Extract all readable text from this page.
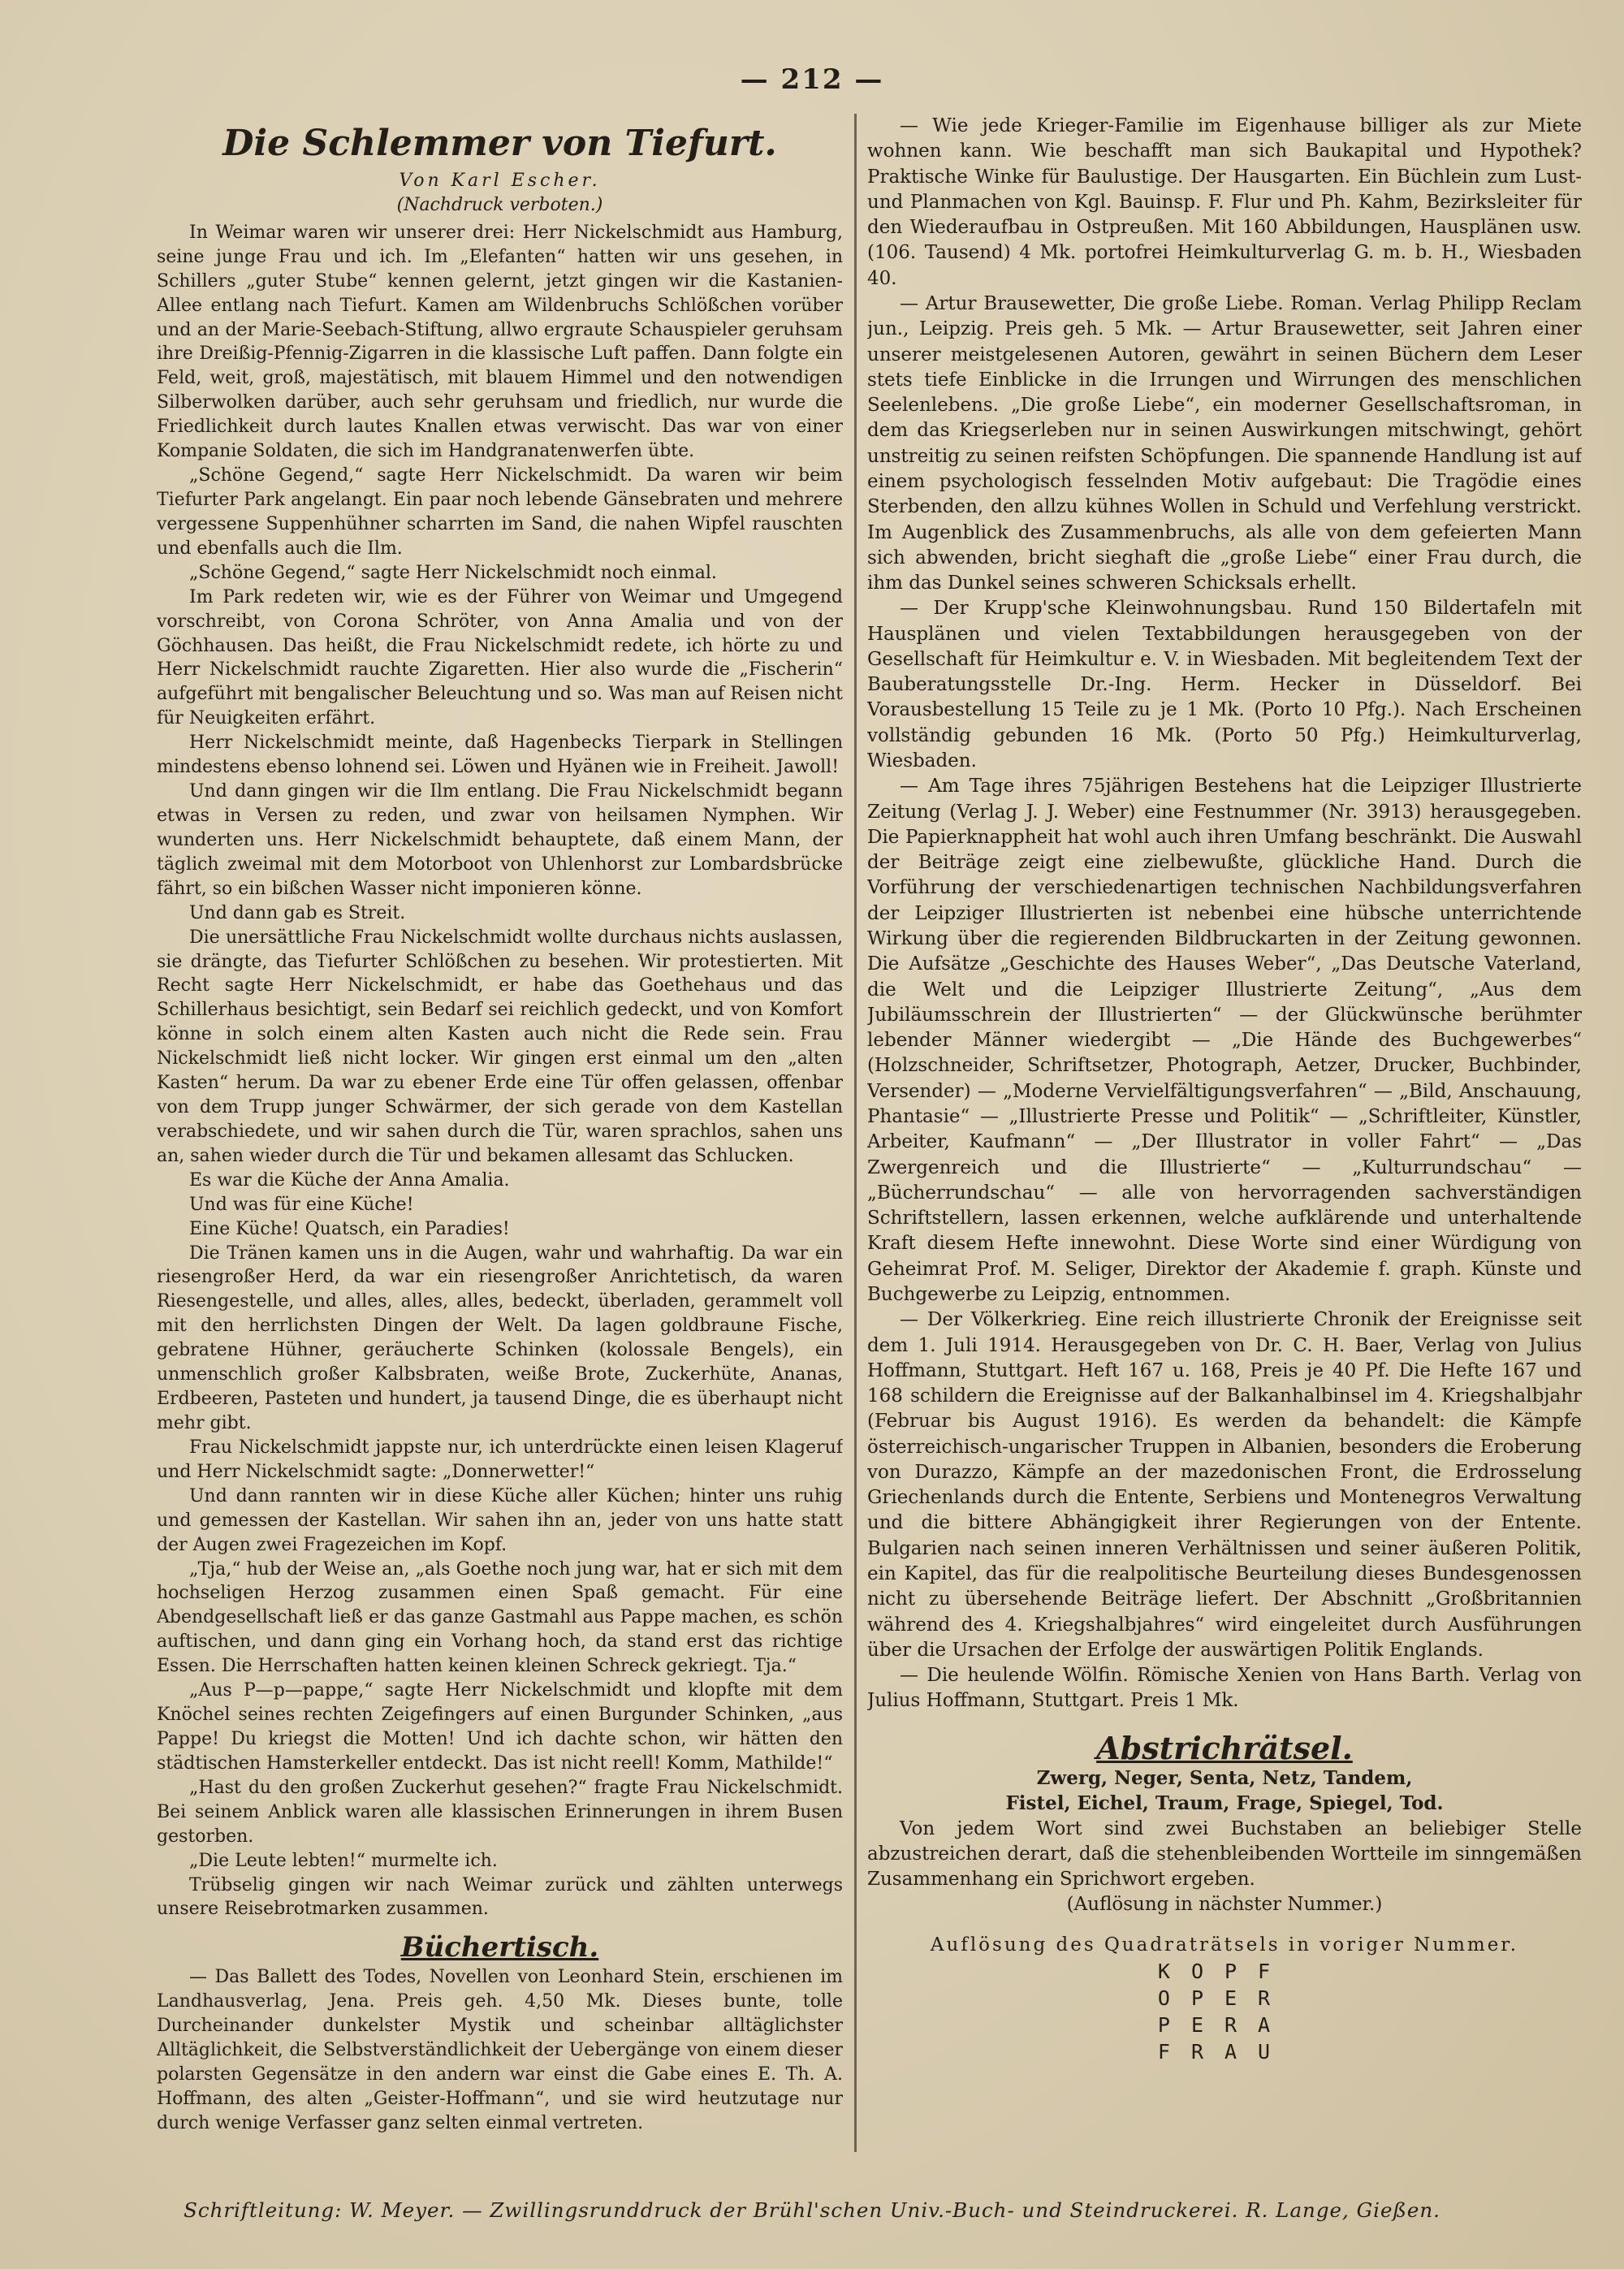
— 212 —
Die Schlemmer von Tiefurt.
Von Karl Escher.
(Nachdruck verboten.)

In Weimar waren wir unserer drei: Herr Nickelschmidt aus Hamburg, seine junge Frau und ich. Im „Elefanten“ hatten wir uns gesehen, in Schillers „guter Stube“ kennen gelernt, jetzt gingen wir die Kastanien-Allee entlang nach Tiefurt. Kamen am Wildenbruchs Schlößchen vorüber und an der Marie-Seebach-Stiftung, allwo ergraute Schauspieler geruhsam ihre Dreißig-Pfennig-Zigarren in die klassische Luft paffen. Dann folgte ein Feld, weit, groß, majestätisch, mit blauem Himmel und den notwendigen Silberwolken darüber, auch sehr geruhsam und friedlich, nur wurde die Friedlichkeit durch lautes Knallen etwas verwischt. Das war von einer Kompanie Soldaten, die sich im Handgranatenwerfen übte.

„Schöne Gegend,“ sagte Herr Nickelschmidt. Da waren wir beim Tiefurter Park angelangt. Ein paar noch lebende Gänsebraten und mehrere vergessene Suppenhühner scharrten im Sand, die nahen Wipfel rauschten und ebenfalls auch die Ilm.

„Schöne Gegend,“ sagte Herr Nickelschmidt noch einmal.

Im Park redeten wir, wie es der Führer von Weimar und Umgegend vorschreibt, von Corona Schröter, von Anna Amalia und von der Göchhausen. Das heißt, die Frau Nickelschmidt redete, ich hörte zu und Herr Nickelschmidt rauchte Zigaretten. Hier also wurde die „Fischerin“ aufgeführt mit bengalischer Beleuchtung und so. Was man auf Reisen nicht für Neuigkeiten erfährt.

Herr Nickelschmidt meinte, daß Hagenbecks Tierpark in Stellingen mindestens ebenso lohnend sei. Löwen und Hyänen wie in Freiheit. Jawoll!

Und dann gingen wir die Ilm entlang. Die Frau Nickelschmidt begann etwas in Versen zu reden, und zwar von heilsamen Nymphen. Wir wunderten uns. Herr Nickelschmidt behauptete, daß einem Mann, der täglich zweimal mit dem Motorboot von Uhlenhorst zur Lombardsbrücke fährt, so ein bißchen Wasser nicht imponieren könne.

Und dann gab es Streit.

Die unersättliche Frau Nickelschmidt wollte durchaus nichts auslassen, sie drängte, das Tiefurter Schlößchen zu besehen. Wir protestierten. Mit Recht sagte Herr Nickelschmidt, er habe das Goethehaus und das Schillerhaus besichtigt, sein Bedarf sei reichlich gedeckt, und von Komfort könne in solch einem alten Kasten auch nicht die Rede sein. Frau Nickelschmidt ließ nicht locker. Wir gingen erst einmal um den „alten Kasten“ herum. Da war zu ebener Erde eine Tür offen gelassen, offenbar von dem Trupp junger Schwärmer, der sich gerade von dem Kastellan verabschiedete, und wir sahen durch die Tür, waren sprachlos, sahen uns an, sahen wieder durch die Tür und bekamen allesamt das Schlucken.

Es war die Küche der Anna Amalia.

Und was für eine Küche!

Eine Küche! Quatsch, ein Paradies!

Die Tränen kamen uns in die Augen, wahr und wahrhaftig. Da war ein riesengroßer Herd, da war ein riesengroßer Anrichtetisch, da waren Riesengestelle, und alles, alles, alles, bedeckt, überladen, gerammelt voll mit den herrlichsten Dingen der Welt. Da lagen goldbraune Fische, gebratene Hühner, geräucherte Schinken (kolossale Bengels), ein unmenschlich großer Kalbsbraten, weiße Brote, Zuckerhüte, Ananas, Erdbeeren, Pasteten und hundert, ja tausend Dinge, die es überhaupt nicht mehr gibt.

Frau Nickelschmidt jappste nur, ich unterdrückte einen leisen Klageruf und Herr Nickelschmidt sagte: „Donnerwetter!“

Und dann rannten wir in diese Küche aller Küchen; hinter uns ruhig und gemessen der Kastellan. Wir sahen ihn an, jeder von uns hatte statt der Augen zwei Fragezeichen im Kopf.

„Tja,“ hub der Weise an, „als Goethe noch jung war, hat er sich mit dem hochseligen Herzog zusammen einen Spaß gemacht. Für eine Abendgesellschaft ließ er das ganze Gastmahl aus Pappe machen, es schön auftischen, und dann ging ein Vorhang hoch, da stand erst das richtige Essen. Die Herrschaften hatten keinen kleinen Schreck gekriegt. Tja.“

„Aus P—p—pappe,“ sagte Herr Nickelschmidt und klopfte mit dem Knöchel seines rechten Zeigefingers auf einen Burgunder Schinken, „aus Pappe! Du kriegst die Motten! Und ich dachte schon, wir hätten den städtischen Hamsterkeller entdeckt. Das ist nicht reell! Komm, Mathilde!“

„Hast du den großen Zuckerhut gesehen?“ fragte Frau Nickelschmidt. Bei seinem Anblick waren alle klassischen Erinnerungen in ihrem Busen gestorben.

„Die Leute lebten!“ murmelte ich.

Trübselig gingen wir nach Weimar zurück und zählten unterwegs unsere Reisebrotmarken zusammen.

Büchertisch.

— Das Ballett des Todes, Novellen von Leonhard Stein, erschienen im Landhausverlag, Jena. Preis geh. 4,50 Mk. Dieses bunte, tolle Durcheinander dunkelster Mystik und scheinbar alltäglichster Alltäglichkeit, die Selbstverständlichkeit der Uebergänge von einem dieser polarsten Gegensätze in den andern war einst die Gabe eines E. Th. A. Hoffmann, des alten „Geister-Hoffmann“, und sie wird heutzutage nur durch wenige Verfasser ganz selten einmal vertreten.

— Wie jede Krieger-Familie im Eigenhause billiger als zur Miete wohnen kann. Wie beschafft man sich Baukapital und Hypothek? Praktische Winke für Baulustige. Der Hausgarten. Ein Büchlein zum Lust- und Planmachen von Kgl. Bauinsp. F. Flur und Ph. Kahm, Bezirksleiter für den Wiederaufbau in Ostpreußen. Mit 160 Abbildungen, Hausplänen usw. (106. Tausend) 4 Mk. portofrei Heimkulturverlag G. m. b. H., Wiesbaden 40.

— Artur Brausewetter, Die große Liebe. Roman. Verlag Philipp Reclam jun., Leipzig. Preis geh. 5 Mk. — Artur Brausewetter, seit Jahren einer unserer meistgelesenen Autoren, gewährt in seinen Büchern dem Leser stets tiefe Einblicke in die Irrungen und Wirrungen des menschlichen Seelenlebens. „Die große Liebe“, ein moderner Gesellschaftsroman, in dem das Kriegserleben nur in seinen Auswirkungen mitschwingt, gehört unstreitig zu seinen reifsten Schöpfungen. Die spannende Handlung ist auf einem psychologisch fesselnden Motiv aufgebaut: Die Tragödie eines Sterbenden, den allzu kühnes Wollen in Schuld und Verfehlung verstrickt. Im Augenblick des Zusammenbruchs, als alle von dem gefeierten Mann sich abwenden, bricht sieghaft die „große Liebe“ einer Frau durch, die ihm das Dunkel seines schweren Schicksals erhellt.

— Der Krupp'sche Kleinwohnungsbau. Rund 150 Bildertafeln mit Hausplänen und vielen Textabbildungen herausgegeben von der Gesellschaft für Heimkultur e. V. in Wiesbaden. Mit begleitendem Text der Bauberatungsstelle Dr.-Ing. Herm. Hecker in Düsseldorf. Bei Vorausbestellung 15 Teile zu je 1 Mk. (Porto 10 Pfg.). Nach Erscheinen vollständig gebunden 16 Mk. (Porto 50 Pfg.) Heimkulturverlag, Wiesbaden.

— Am Tage ihres 75jährigen Bestehens hat die Leipziger Illustrierte Zeitung (Verlag J. J. Weber) eine Festnummer (Nr. 3913) herausgegeben. Die Papierknappheit hat wohl auch ihren Umfang beschränkt. Die Auswahl der Beiträge zeigt eine zielbewußte, glückliche Hand. Durch die Vorführung der verschiedenartigen technischen Nachbildungsverfahren der Leipziger Illustrierten ist nebenbei eine hübsche unterrichtende Wirkung über die regierenden Bildbruckarten in der Zeitung gewonnen. Die Aufsätze „Geschichte des Hauses Weber“, „Das Deutsche Vaterland, die Welt und die Leipziger Illustrierte Zeitung“, „Aus dem Jubiläumsschrein der Illustrierten“ — der Glückwünsche berühmter lebender Männer wiedergibt — „Die Hände des Buchgewerbes“ (Holzschneider, Schriftsetzer, Photograph, Aetzer, Drucker, Buchbinder, Versender) — „Moderne Vervielfältigungsverfahren“ — „Bild, Anschauung, Phantasie“ — „Illustrierte Presse und Politik“ — „Schriftleiter, Künstler, Arbeiter, Kaufmann“ — „Der Illustrator in voller Fahrt“ — „Das Zwergenreich und die Illustrierte“ — „Kulturrundschau“ — „Bücherrundschau“ — alle von hervorragenden sachverständigen Schriftstellern, lassen erkennen, welche aufklärende und unterhaltende Kraft diesem Hefte innewohnt. Diese Worte sind einer Würdigung von Geheimrat Prof. M. Seliger, Direktor der Akademie f. graph. Künste und Buchgewerbe zu Leipzig, entnommen.

— Der Völkerkrieg. Eine reich illustrierte Chronik der Ereignisse seit dem 1. Juli 1914. Herausgegeben von Dr. C. H. Baer, Verlag von Julius Hoffmann, Stuttgart. Heft 167 u. 168, Preis je 40 Pf. Die Hefte 167 und 168 schildern die Ereignisse auf der Balkanhalbinsel im 4. Kriegshalbjahr (Februar bis August 1916). Es werden da behandelt: die Kämpfe österreichisch-ungarischer Truppen in Albanien, besonders die Eroberung von Durazzo, Kämpfe an der mazedonischen Front, die Erdrosselung Griechenlands durch die Entente, Serbiens und Montenegros Verwaltung und die bittere Abhängigkeit ihrer Regierungen von der Entente. Bulgarien nach seinen inneren Verhältnissen und seiner äußeren Politik, ein Kapitel, das für die realpolitische Beurteilung dieses Bundesgenossen nicht zu übersehende Beiträge liefert. Der Abschnitt „Großbritannien während des 4. Kriegshalbjahres“ wird eingeleitet durch Ausführungen über die Ursachen der Erfolge der auswärtigen Politik Englands.

— Die heulende Wölfin. Römische Xenien von Hans Barth. Verlag von Julius Hoffmann, Stuttgart. Preis 1 Mk.

Abstrichrätsel.
Zwerg, Neger, Senta, Netz, Tandem,
Fistel, Eichel, Traum, Frage, Spiegel, Tod.

Von jedem Wort sind zwei Buchstaben an beliebiger Stelle abzustreichen derart, daß die stehenbleibenden Wortteile im sinngemäßen Zusammenhang ein Sprichwort ergeben.

(Auflösung in nächster Nummer.)
Auflösung des Quadraträtsels in voriger Nummer.
KOPF
OPER
PERA
FRAU
Schriftleitung: W. Meyer. — Zwillingsrunddruck der Brühl'schen Univ.-Buch- und Steindruckerei. R. Lange, Gießen.
